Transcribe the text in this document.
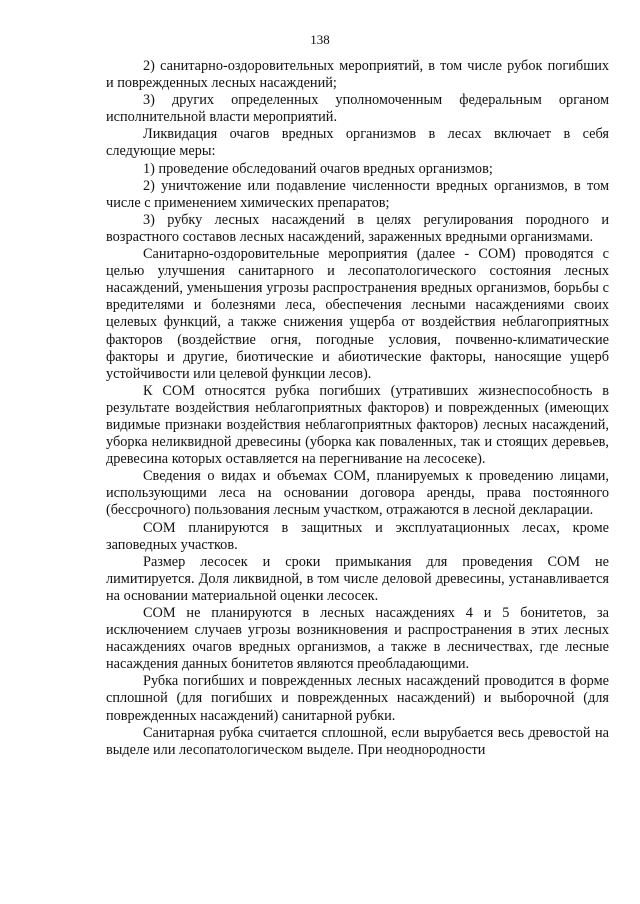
138

2) санитарно-оздоровительных мероприятий, в том числе рубок погибших и поврежденных лесных насаждений;

3) других определенных уполномоченным федеральным органом исполнительной власти мероприятий.

Ликвидация очагов вредных организмов в лесах включает в себя следующие меры:

1) проведение обследований очагов вредных организмов;

2) уничтожение или подавление численности вредных организмов, в том числе с применением химических препаратов;

3) рубку лесных насаждений в целях регулирования породного и возрастного составов лесных насаждений, зараженных вредными организмами.

Санитарно-оздоровительные мероприятия (далее - СОМ) проводятся с целью улучшения санитарного и лесопатологического состояния лесных насаждений, уменьшения угрозы распространения вредных организмов, борьбы с вредителями и болезнями леса, обеспечения лесными насаждениями своих целевых функций, а также снижения ущерба от воздействия неблагоприятных факторов (воздействие огня, погодные условия, почвенно-климатические факторы и другие, биотические и абиотические факторы, наносящие ущерб устойчивости или целевой функции лесов).

К СОМ относятся рубка погибших (утративших жизнеспособность в результате воздействия неблагоприятных факторов) и поврежденных (имеющих видимые признаки воздействия неблагоприятных факторов) лесных насаждений, уборка неликвидной древесины (уборка как поваленных, так и стоящих деревьев, древесина которых оставляется на перегнивание на лесосеке).

Сведения о видах и объемах СОМ, планируемых к проведению лицами, использующими леса на основании договора аренды, права постоянного (бессрочного) пользования лесным участком, отражаются в лесной декларации.

СОМ планируются в защитных и эксплуатационных лесах, кроме заповедных участков.

Размер лесосек и сроки примыкания для проведения СОМ не лимитируется. Доля ликвидной, в том числе деловой древесины, устанавливается на основании материальной оценки лесосек.

СОМ не планируются в лесных насаждениях 4 и 5 бонитетов, за исключением случаев угрозы возникновения и распространения в этих лесных насаждениях очагов вредных организмов, а также в лесничествах, где лесные насаждения данных бонитетов являются преобладающими.

Рубка погибших и поврежденных лесных насаждений проводится в форме сплошной (для погибших и поврежденных насаждений) и выборочной (для поврежденных насаждений) санитарной рубки.

Санитарная рубка считается сплошной, если вырубается весь древостой на выделе или лесопатологическом выделе. При неоднородности
